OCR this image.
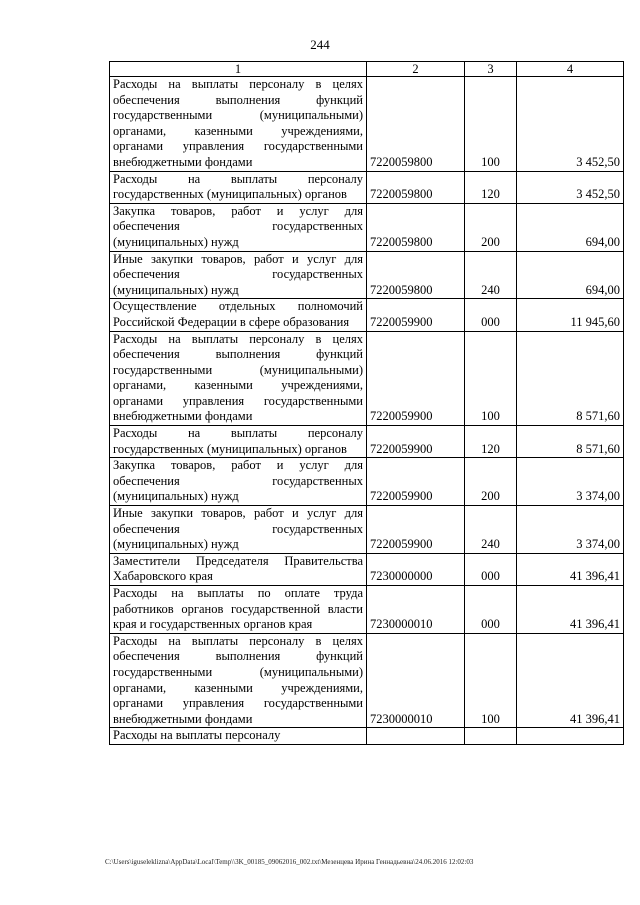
244
1	2	3	4
Расходы на выплаты персоналу в целях обеспечения выполнения функций государственными (муниципальными) органами, казенными учреждениями, органами управления государственными внебюджетными фондами	7220059800	100	3 452,50
Расходы на выплаты персоналу государственных (муниципальных) органов	7220059800	120	3 452,50
Закупка товаров, работ и услуг для обеспечения государственных (муниципальных) нужд	7220059800	200	694,00
Иные закупки товаров, работ и услуг для обеспечения государственных (муниципальных) нужд	7220059800	240	694,00
Осуществление отдельных полномочий Российской Федерации в сфере образования	7220059900	000	11 945,60
Расходы на выплаты персоналу в целях обеспечения выполнения функций государственными (муниципальными) органами, казенными учреждениями, органами управления государственными внебюджетными фондами	7220059900	100	8 571,60
Расходы на выплаты персоналу государственных (муниципальных) органов	7220059900	120	8 571,60
Закупка товаров, работ и услуг для обеспечения государственных (муниципальных) нужд	7220059900	200	3 374,00
Иные закупки товаров, работ и услуг для обеспечения государственных (муниципальных) нужд	7220059900	240	3 374,00
Заместители Председателя Правительства Хабаровского края	7230000000	000	41 396,41
Расходы на выплаты по оплате труда работников органов государственной власти края и государственных органов края	7230000010	000	41 396,41
Расходы на выплаты персоналу в целях обеспечения выполнения функций государственными (муниципальными) органами, казенными учреждениями, органами управления государственными внебюджетными фондами	7230000010	100	41 396,41
Расходы на выплаты персоналу			
C:\Users\iguseleklizna\AppData\Local\Temp\\3K_00185_09062016_002.txt\Мезенцева Ирина Геннадьевна\24.06.2016 12:02:03
